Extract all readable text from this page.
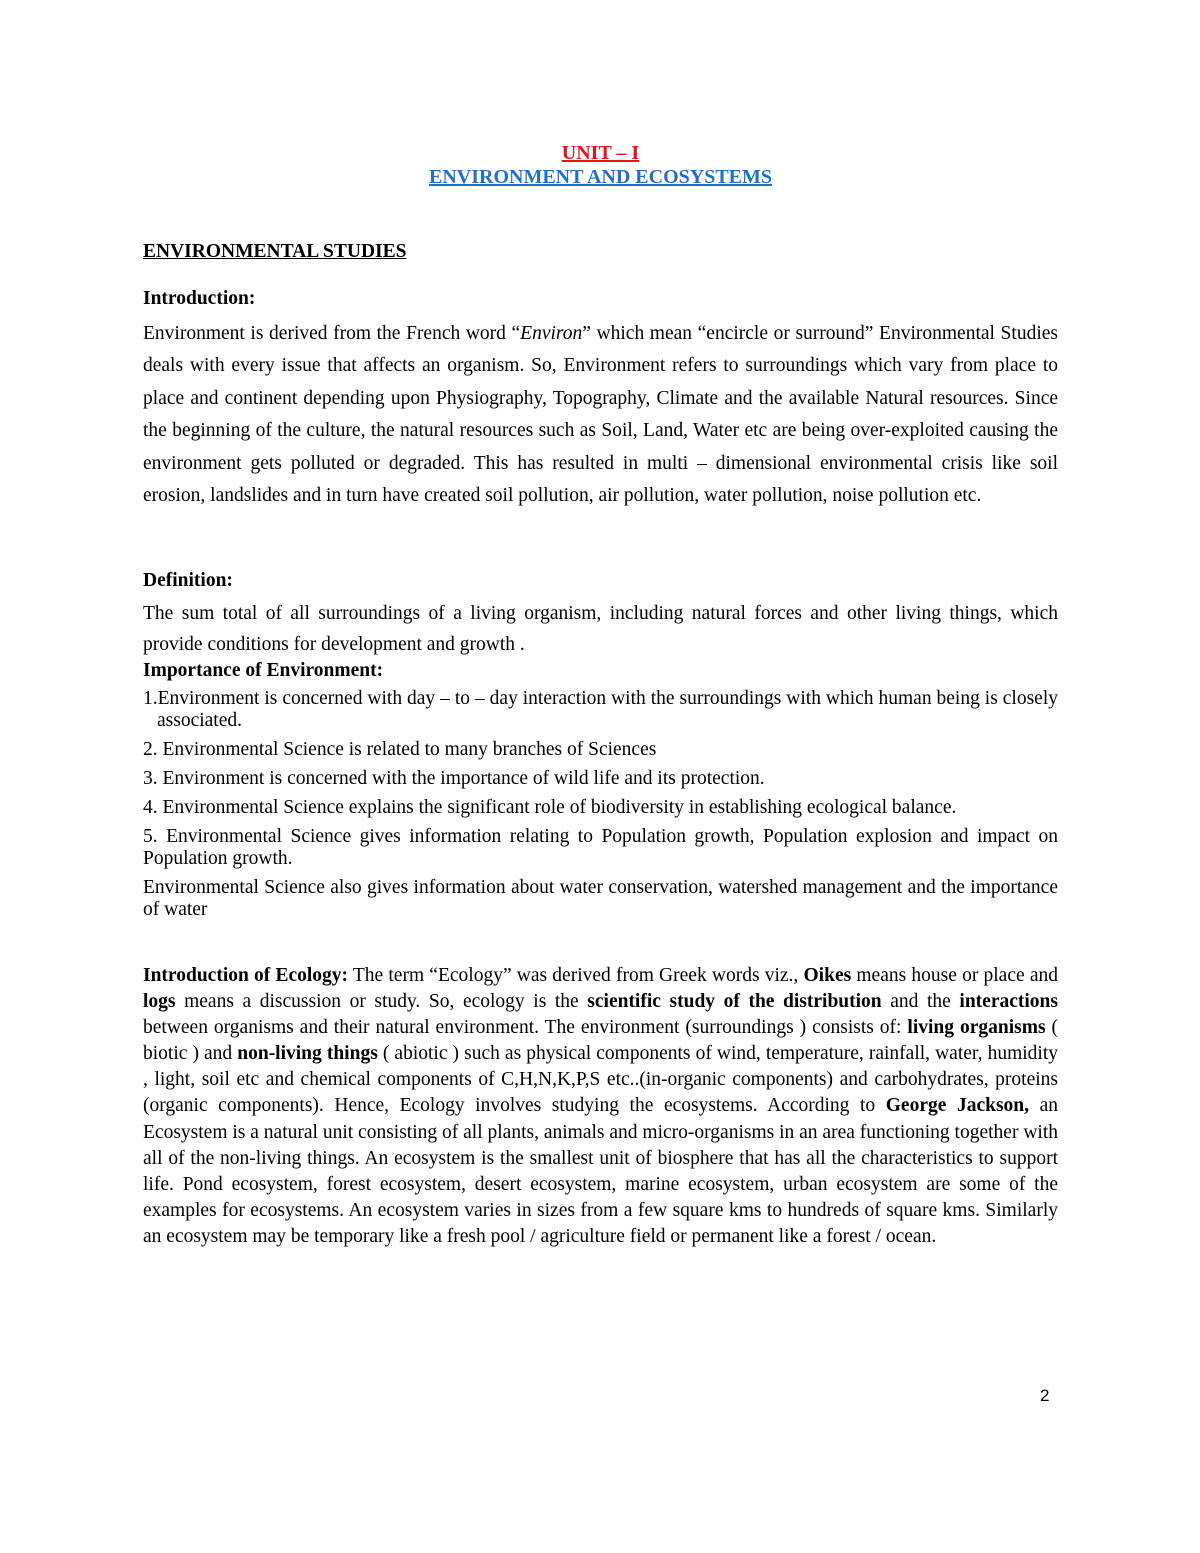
UNIT – I
ENVIRONMENT AND ECOSYSTEMS
ENVIRONMENTAL STUDIES

Introduction:

Environment is derived from the French word “Environ” which mean “encircle or surround” Environmental Studies deals with every issue that affects an organism. So, Environment refers to surroundings which vary from place to place and continent depending upon Physiography, Topography, Climate and the available Natural resources. Since the beginning of the culture, the natural resources such as Soil, Land, Water etc are being over-exploited causing the environment gets polluted or degraded. This has resulted in multi – dimensional environmental crisis like soil erosion, landslides and in turn have created soil pollution, air pollution, water pollution, noise pollution etc.

Definition:

The sum total of all surroundings of a living organism, including natural forces and other living things, which provide conditions for development and growth .

Importance of Environment:

1.Environment is concerned with day – to – day interaction with the surroundings with which human being is closely associated.

2. Environmental Science is related to many branches of Sciences

3. Environment is concerned with the importance of wild life and its protection.

4. Environmental Science explains the significant role of biodiversity in establishing ecological balance.

5. Environmental Science gives information relating to Population growth, Population explosion and impact on Population growth.

Environmental Science also gives information about water conservation, watershed management and the importance of water

Introduction of Ecology: The term “Ecology” was derived from Greek words viz., Oikes means house or place and logs means a discussion or study. So, ecology is the scientific study of the distribution and the interactions between organisms and their natural environment. The environment (surroundings ) consists of: living organisms ( biotic ) and non-living things ( abiotic ) such as physical components of wind, temperature, rainfall, water, humidity , light, soil etc and chemical components of C,H,N,K,P,S etc..(in-organic components) and carbohydrates, proteins (organic components). Hence, Ecology involves studying the ecosystems. According to George Jackson, an Ecosystem is a natural unit consisting of all plants, animals and micro-organisms in an area functioning together with all of the non-living things. An ecosystem is the smallest unit of biosphere that has all the characteristics to support life. Pond ecosystem, forest ecosystem, desert ecosystem, marine ecosystem, urban ecosystem are some of the examples for ecosystems. An ecosystem varies in sizes from a few square kms to hundreds of square kms. Similarly an ecosystem may be temporary like a fresh pool / agriculture field or permanent like a forest / ocean.

2
